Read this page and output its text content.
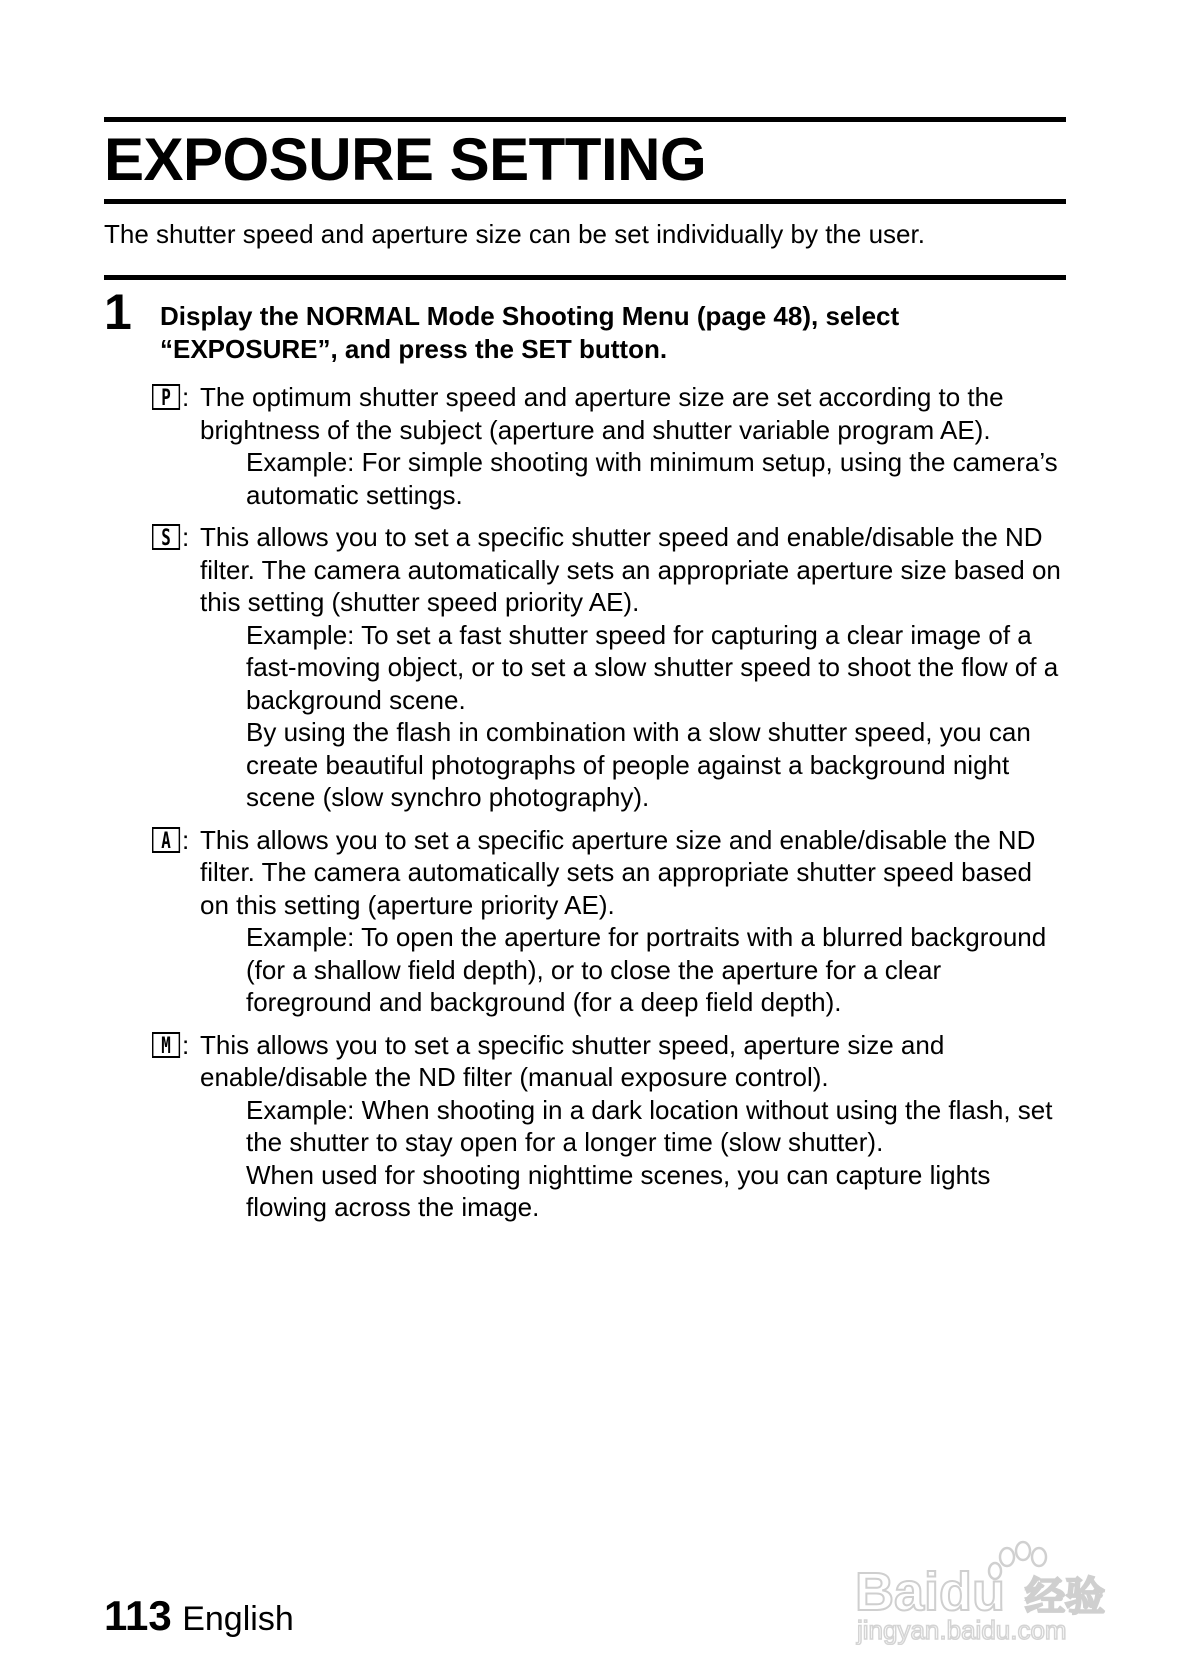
EXPOSURE SETTING

The shutter speed and aperture size can be set individually by the user.

1 Display the NORMAL Mode Shooting Menu (page 48), select “EXPOSURE”, and press the SET button.
P : The optimum shutter speed and aperture size are set according to the brightness of the subject (aperture and shutter variable program AE).

Example: For simple shooting with minimum setup, using the camera’s automatic settings.

S : This allows you to set a specific shutter speed and enable/disable the ND filter. The camera automatically sets an appropriate aperture size based on this setting (shutter speed priority AE).

Example: To set a fast shutter speed for capturing a clear image of a fast-moving object, or to set a slow shutter speed to shoot the flow of a background scene.

By using the flash in combination with a slow shutter speed, you can create beautiful photographs of people against a background night scene (slow synchro photography).

A : This allows you to set a specific aperture size and enable/disable the ND filter. The camera automatically sets an appropriate shutter speed based on this setting (aperture priority AE).

Example: To open the aperture for portraits with a blurred background (for a shallow field depth), or to close the aperture for a clear foreground and background (for a deep field depth).

M : This allows you to set a specific shutter speed, aperture size and enable/disable the ND filter (manual exposure control).

Example: When shooting in a dark location without using the flash, set the shutter to stay open for a longer time (slow shutter).

When used for shooting nighttime scenes, you can capture lights flowing across the image.

113 English	Baidu 经验
jingyan.baidu.com
